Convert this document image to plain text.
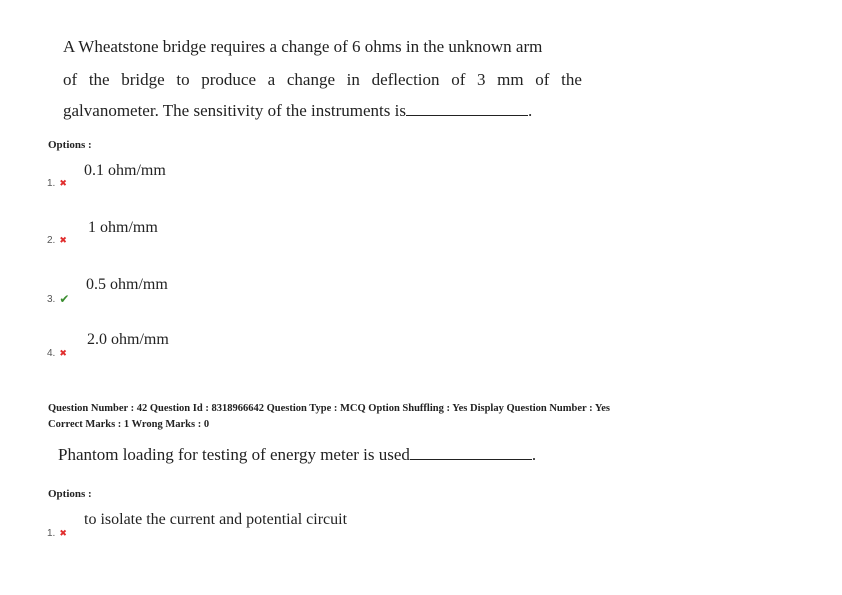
A Wheatstone bridge requires a change of 6 ohms in the unknown arm
of the bridge to produce a change in deflection of 3 mm of the
galvanometer. The sensitivity of the instruments is	.
Options :
0.1 ohm/mm
1. ✖
1 ohm/mm
2. ✖
0.5 ohm/mm
3. ✔
2.0 ohm/mm
4. ✖
Question Number : 42 Question Id : 8318966642 Question Type : MCQ Option Shuffling : Yes Display Question Number : Yes
Correct Marks : 1 Wrong Marks : 0
Phantom loading for testing of energy meter is used	.
Options :
to isolate the current and potential circuit
1. ✖
